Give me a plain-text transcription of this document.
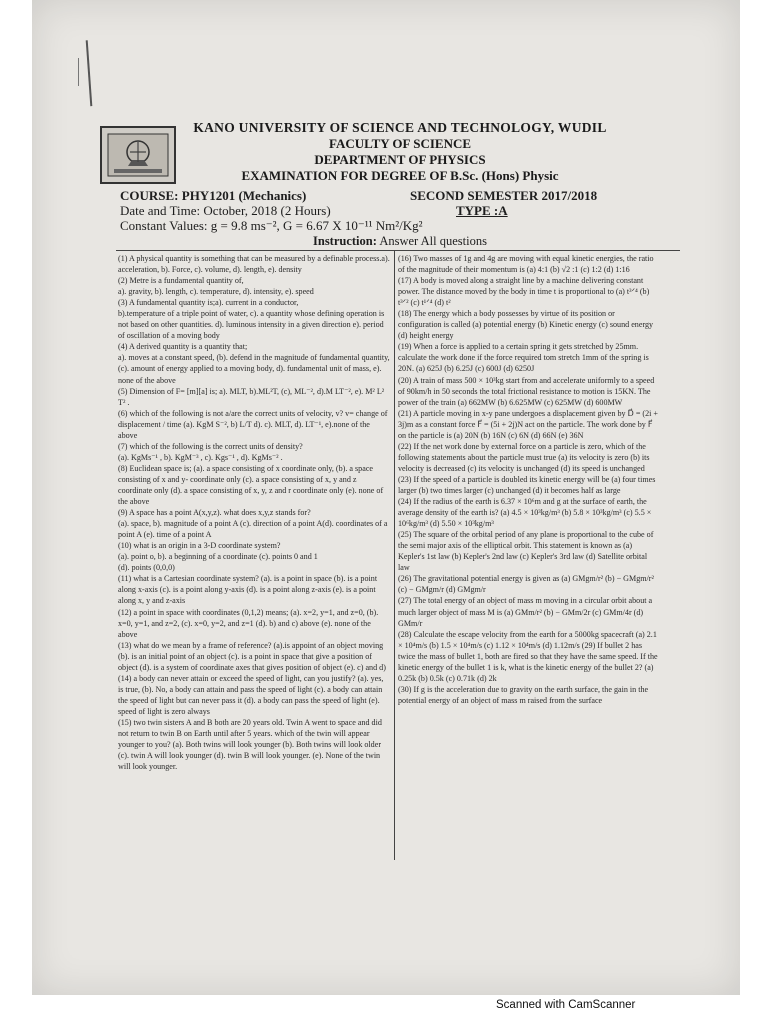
KANO UNIVERSITY OF SCIENCE AND TECHNOLOGY, WUDIL
FACULTY OF SCIENCE
DEPARTMENT OF PHYSICS
EXAMINATION FOR DEGREE OF B.Sc. (Hons) Physic
COURSE: PHY1201 (Mechanics)	SECOND SEMESTER 2017/2018
Date and Time: October, 2018 (2 Hours)	TYPE :A
Constant Values: g = 9.8 ms⁻², G = 6.67 X 10⁻¹¹ Nm²/Kg²
Instruction: Answer All questions

(1) A physical quantity is something that can be measured by a definable process.a). acceleration, b). Force, c). volume, d). length, e). density

(2) Metre is a fundamental quantity of,

a). gravity, b). length, c). temperature, d). intensity, e). speed

(3) A fundamental quantity is;a). current in a conductor,

b).temperature of a triple point of water, c). a quantity whose defining operation is not based on other quantities. d). luminous intensity in a given direction e). period of oscillation of a moving body

(4) A derived quantity is a quantity that;

a). moves at a constant speed, (b). defend in the magnitude of fundamental quantity, (c). amount of energy applied to a moving body, d). fundamental unit of mass, e). none of the above

(5) Dimension of F= [m][a] is; a). MLT, b).ML²T, (c), ML⁻², d).M LT⁻², e). M² L² T² .

(6) which of the following is not a/are the correct units of velocity, v? v= change of displacement / time (a). KgM S⁻², b) L/T d). c). MLT, d). LT⁻¹, e).none of the above

(7) which of the following is the correct units of density?

(a). KgMs⁻¹ , b). KgM⁻³ , c). Kgs⁻¹ , d). KgMs⁻² .

(8) Euclidean space is; (a). a space consisting of x coordinate only, (b). a space consisting of x and y- coordinate only (c). a space consisting of x, y and z coordinate only (d). a space consisting of x, y, z and r coordinate only (e). none of the above

(9) A space has a point A(x,y,z). what does x,y,z stands for?

(a). space, b). magnitude of a point A (c). direction of a point A(d). coordinates of a point A (e). time of a point A

(10) what is an origin in a 3-D coordinate system?

(a). point o, b). a beginning of a coordinate (c). points 0 and 1

(d). points (0,0,0)

(11) what is a Cartesian coordinate system? (a). is a point in space (b). is a point along x-axis (c). is a point along y-axis (d). is a point along z-axis (e). is a point along x, y and z-axis

(12) a point in space with coordinates (0,1,2) means; (a). x=2, y=1, and z=0, (b). x=0, y=1, and z=2, (c). x=0, y=2, and z=1 (d). b) and c) above (e). none of the above

(13) what do we mean by a frame of reference? (a).is appoint of an object moving (b). is an initial point of an object (c). is a point in space that give a position of object (d). is a system of coordinate axes that gives position of object (e). c) and d)

(14) a body can never attain or exceed the speed of light, can you justify? (a). yes, is true, (b). No, a body can attain and pass the speed of light (c). a body can attain the speed of light but can never pass it (d). a body can pass the speed of light (e). speed of light is zero always

(15) two twin sisters A and B both are 20 years old. Twin A went to space and did not return to twin B on Earth until after 5 years. which of the twin will appear younger to you? (a). Both twins will look younger (b). Both twins will look older (c). twin A will look younger (d). twin B will look younger. (e). None of the twin will look younger.

(16) Two masses of 1g and 4g are moving with equal kinetic energies, the ratio of the magnitude of their momentum is (a) 4:1 (b) √2 :1 (c) 1:2 (d) 1:16

(17) A body is moved along a straight line by a machine delivering constant power. The distance moved by the body in time t is proportional to (a) t³ᐟ⁴ (b) t³ᐟ² (c) t¹ᐟ⁴ (d) t²

(18) The energy which a body possesses by virtue of its position or configuration is called (a) potential energy (b) Kinetic energy (c) sound energy (d) height energy

(19) When a force is applied to a certain spring it gets stretched by 25mm. calculate the work done if the force required tom stretch 1mm of the spring is 20N. (a) 625J (b) 6.25J (c) 600J (d) 6250J

(20) A train of mass 500 × 10³kg start from and accelerate uniformly to a speed of 90km/h in 50 seconds the total frictional resistance to motion is 15KN. The power of the train (a) 662MW (b) 6.625MW (c) 625MW (d) 600MW

(21) A particle moving in x-y pane undergoes a displacement given by D⃗ = (2i + 3j)m as a constant force F⃗ = (5i + 2j)N act on the particle. The work done by F⃗ on the particle is (a) 20N (b) 16N (c) 6N (d) 66N (e) 36N

(22) If the net work done by external force on a particle is zero, which of the following statements about the particle must true (a) its velocity is zero (b) its velocity is decreased (c) its velocity is unchanged (d) its speed is unchanged

(23) If the speed of a particle is doubled its kinetic energy will be (a) four times larger (b) two times larger (c) unchanged (d) it becomes half as large

(24) If the radius of the earth is 6.37 × 10⁶m and g at the surface of earth, the average density of the earth is? (a) 4.5 × 10³kg/m³ (b) 5.8 × 10³kg/m³ (c) 5.5 × 10⁶kg/m³ (d) 5.50 × 10³kg/m³

(25) The square of the orbital period of any plane is proportional to the cube of the semi major axis of the elliptical orbit. This statement is known as (a) Kepler's 1st law (b) Kepler's 2nd law (c) Kepler's 3rd law (d) Satellite orbital law

(26) The gravitational potential energy is given as (a) GMgm/r² (b) − GMgm/r² (c) − GMgm/r (d) GMgm/r

(27) The total energy of an object of mass m moving in a circular orbit about a much larger object of mass M is (a) GMm/r² (b) − GMm/2r (c) GMm/4r (d) GMm/r

(28) Calculate the escape velocity from the earth for a 5000kg spacecraft (a) 2.1 × 10⁴m/s (b) 1.5 × 10⁴m/s (c) 1.12 × 10⁴m/s (d) 1.12m/s (29) If bullet 2 has twice the mass of bullet 1, both are fired so that they have the same speed. If the kinetic energy of the bullet 1 is k, what is the kinetic energy of the bullet 2? (a) 0.25k (b) 0.5k (c) 0.71k (d) 2k

(30) If g is the acceleration due to gravity on the earth surface, the gain in the potential energy of an object of mass m raised from the surface

Scanned with CamScanner
